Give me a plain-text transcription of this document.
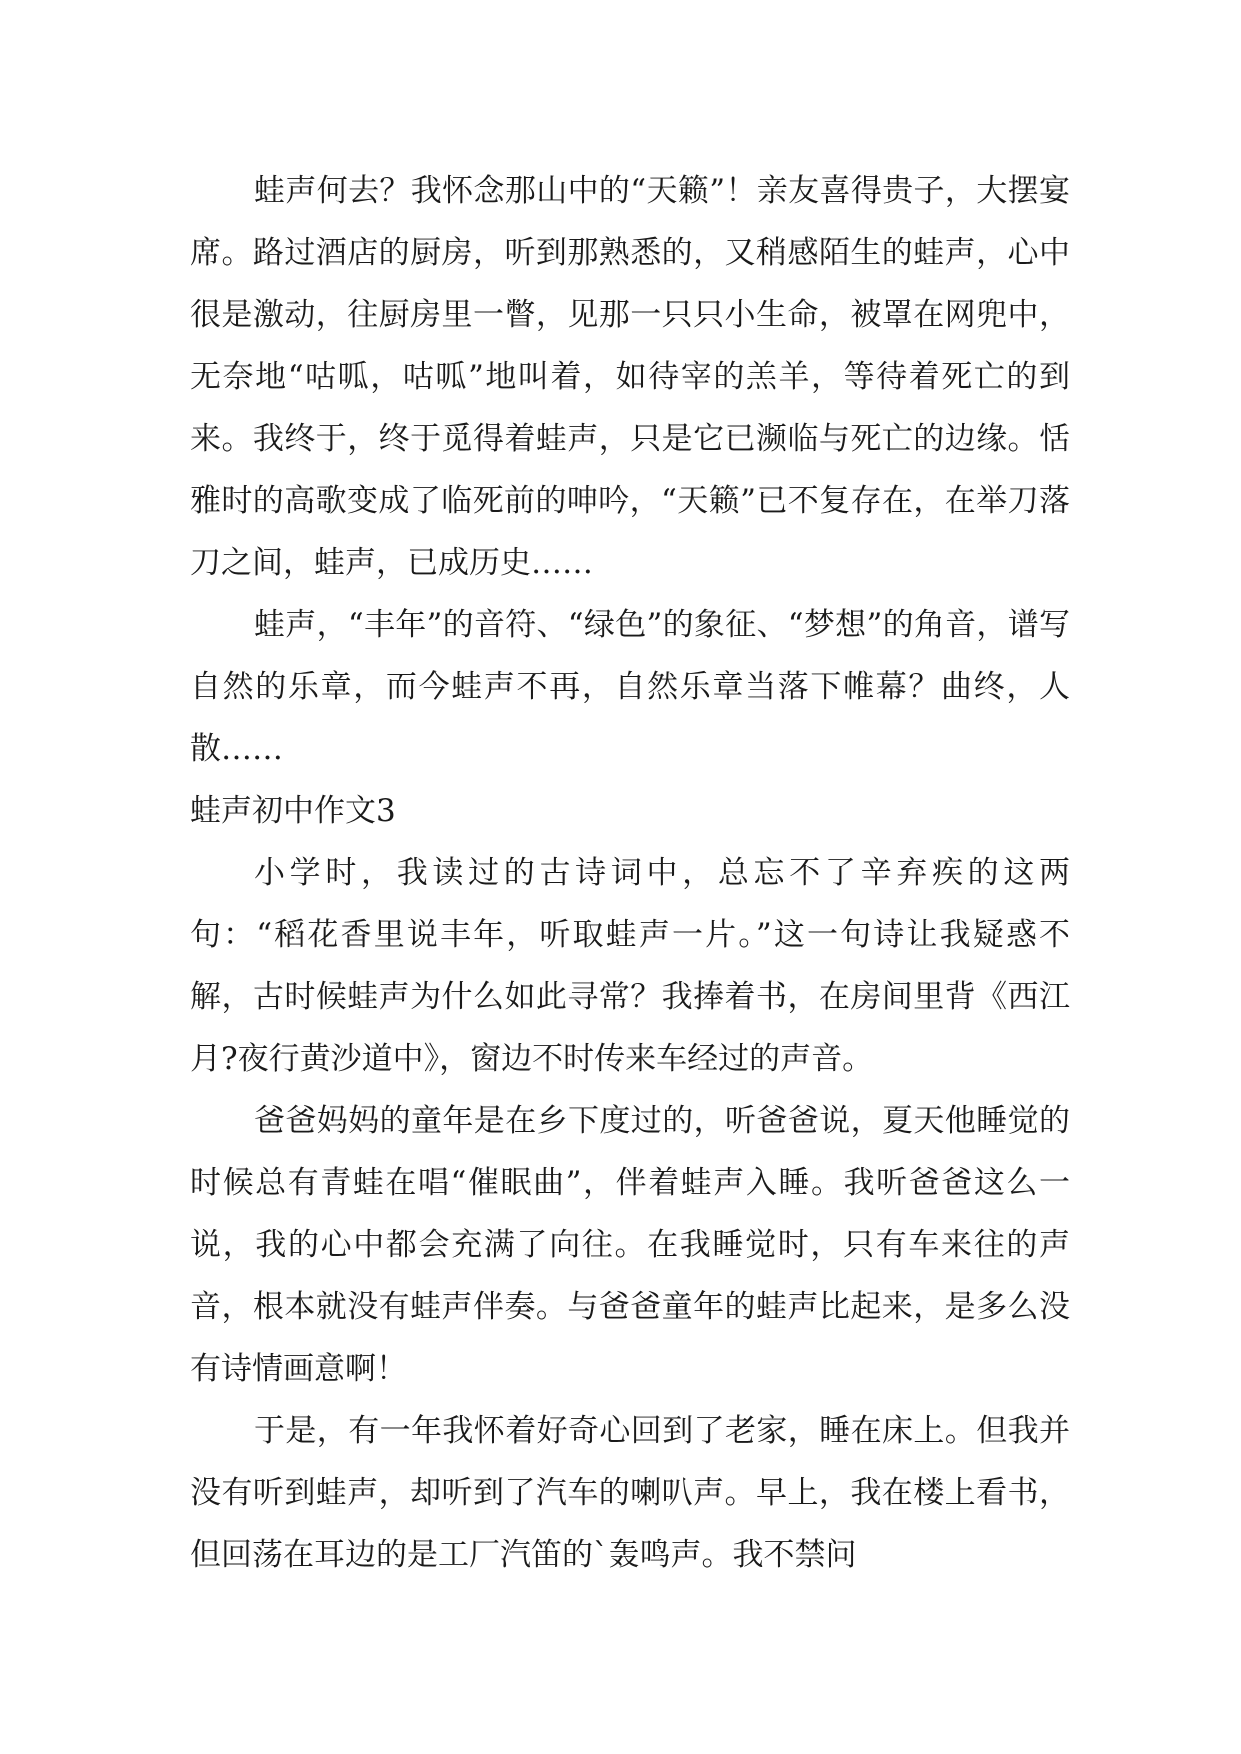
蛙声何去？我怀念那山中的“天籁”！亲友喜得贵子，大摆宴席。路过酒店的厨房，听到那熟悉的，又稍感陌生的蛙声，心中很是激动，往厨房里一瞥，见那一只只小生命，被罩在网兜中，无奈地“咕呱，咕呱”地叫着，如待宰的羔羊，等待着死亡的到来。我终于，终于觅得着蛙声，只是它已濒临与死亡的边缘。恬雅时的高歌变成了临死前的呻吟，“天籁”已不复存在，在举刀落刀之间，蛙声，已成历史……

蛙声，“丰年”的音符、“绿色”的象征、“梦想”的角音，谱写自然的乐章，而今蛙声不再，自然乐章当落下帷幕？曲终，人散……

蛙声初中作文3

小学时，我读过的古诗词中，总忘不了辛弃疾的这两句：“稻花香里说丰年，听取蛙声一片。”这一句诗让我疑惑不解，古时候蛙声为什么如此寻常？我捧着书，在房间里背《西江月?夜行黄沙道中》，窗边不时传来车经过的声音。

爸爸妈妈的童年是在乡下度过的，听爸爸说，夏天他睡觉的时候总有青蛙在唱“催眠曲”，伴着蛙声入睡。我听爸爸这么一说，我的心中都会充满了向往。在我睡觉时，只有车来往的声音，根本就没有蛙声伴奏。与爸爸童年的蛙声比起来，是多么没有诗情画意啊！

于是，有一年我怀着好奇心回到了老家，睡在床上。但我并没有听到蛙声，却听到了汽车的喇叭声。早上，我在楼上看书，但回荡在耳边的是工厂汽笛的`轰鸣声。我不禁问
